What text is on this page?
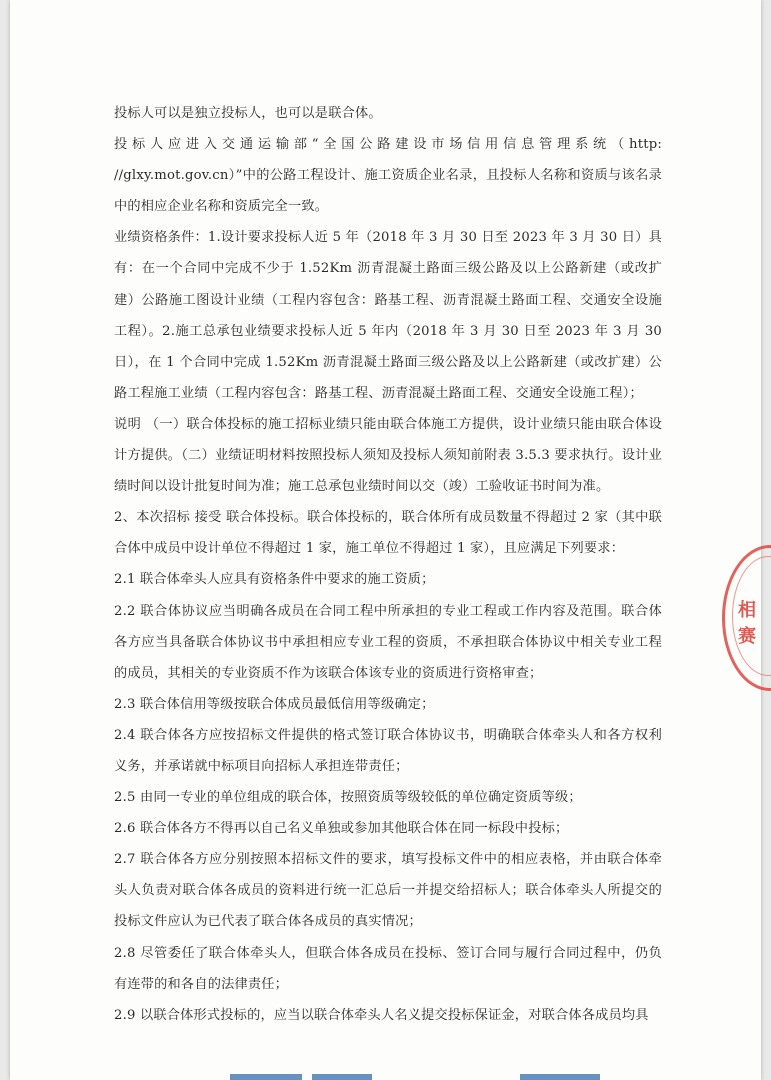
投标人可以是独立投标人，也可以是联合体。

投标人应进入交通运输部“全国公路建设市场信用信息管理系统（http: //glxy.mot.gov.cn）”中的公路工程设计、施工资质企业名录，且投标人名称和资质与该名录中的相应企业名称和资质完全一致。

业绩资格条件：1.设计要求投标人近 5 年（2018 年 3 月 30 日至 2023 年 3 月 30 日）具有：在一个合同中完成不少于 1.52Km 沥青混凝土路面三级公路及以上公路新建（或改扩建）公路施工图设计业绩（工程内容包含：路基工程、沥青混凝土路面工程、交通安全设施工程）。2.施工总承包业绩要求投标人近 5 年内（2018 年 3 月 30 日至 2023 年 3 月 30 日），在 1 个合同中完成 1.52Km 沥青混凝土路面三级公路及以上公路新建（或改扩建）公路工程施工业绩（工程内容包含：路基工程、沥青混凝土路面工程、交通安全设施工程）；

说明 （一）联合体投标的施工招标业绩只能由联合体施工方提供，设计业绩只能由联合体设计方提供。（二）业绩证明材料按照投标人须知及投标人须知前附表 3.5.3 要求执行。设计业绩时间以设计批复时间为准；施工总承包业绩时间以交（竣）工验收证书时间为准。

2、本次招标 接受 联合体投标。联合体投标的，联合体所有成员数量不得超过 2 家（其中联合体中成员中设计单位不得超过 1 家，施工单位不得超过 1 家），且应满足下列要求：

2.1 联合体牵头人应具有资格条件中要求的施工资质；

2.2 联合体协议应当明确各成员在合同工程中所承担的专业工程或工作内容及范围。联合体各方应当具备联合体协议书中承担相应专业工程的资质，不承担联合体协议中相关专业工程的成员，其相关的专业资质不作为该联合体该专业的资质进行资格审查；

2.3 联合体信用等级按联合体成员最低信用等级确定；

2.4 联合体各方应按招标文件提供的格式签订联合体协议书，明确联合体牵头人和各方权利义务，并承诺就中标项目向招标人承担连带责任；

2.5 由同一专业的单位组成的联合体，按照资质等级较低的单位确定资质等级；

2.6 联合体各方不得再以自己名义单独或参加其他联合体在同一标段中投标；

2.7 联合体各方应分别按照本招标文件的要求，填写投标文件中的相应表格，并由联合体牵头人负责对联合体各成员的资料进行统一汇总后一并提交给招标人；联合体牵头人所提交的投标文件应认为已代表了联合体各成员的真实情况；

2.8 尽管委任了联合体牵头人，但联合体各成员在投标、签订合同与履行合同过程中，仍负有连带的和各自的法律责任；

2.9 以联合体形式投标的，应当以联合体牵头人名义提交投标保证金，对联合体各成员均具

相
赛
